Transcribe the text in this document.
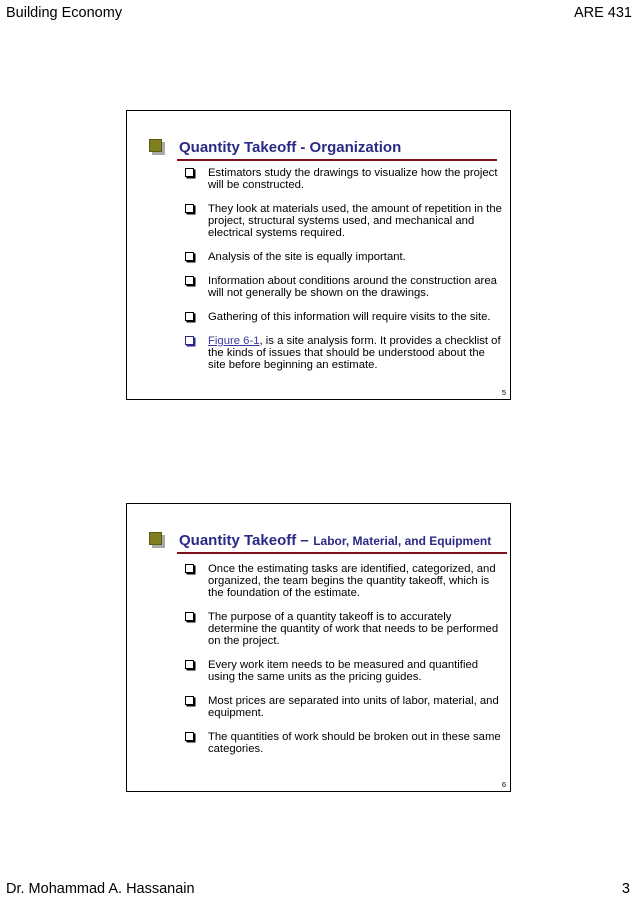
Building Economy	ARE 431
Quantity Takeoff - Organization
Estimators study the drawings to visualize how the project will be constructed.
They look at materials used, the amount of repetition in the project, structural systems used, and mechanical and electrical systems required.
Analysis of the site is equally important.
Information about conditions around the construction area will not generally be shown on the drawings.
Gathering of this information will require visits to the site.
Figure 6-1, is a site analysis form. It provides a checklist of the kinds of issues that should be understood about the site before beginning an estimate.
5
Quantity Takeoff – Labor, Material, and Equipment
Once the estimating tasks are identified, categorized, and organized, the team begins the quantity takeoff, which is the foundation of the estimate.
The purpose of a quantity takeoff is to accurately determine the quantity of work that needs to be performed on the project.
Every work item needs to be measured and quantified using the same units as the pricing guides.
Most prices are separated into units of labor, material, and equipment.
The quantities of work should be broken out in these same categories.
6
Dr. Mohammad A. Hassanain	3
